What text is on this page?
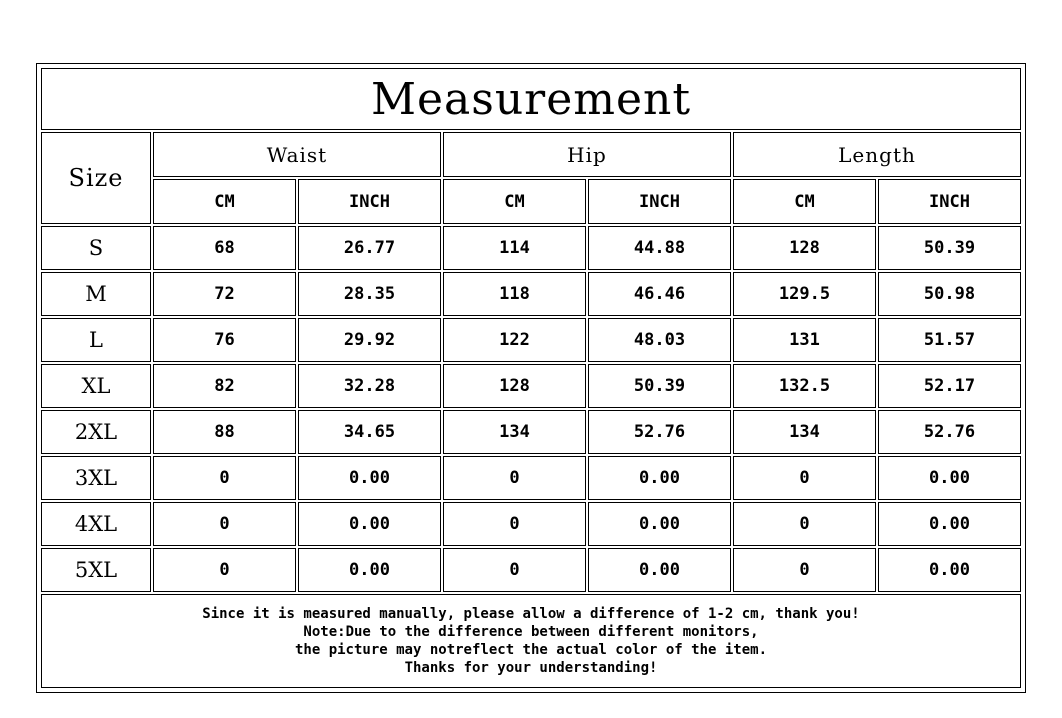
Measurement						
Size	Waist		Hip		Length	
	CM	INCH	CM	INCH	CM	INCH
S	68	26.77	114	44.88	128	50.39
M	72	28.35	118	46.46	129.5	50.98
L	76	29.92	122	48.03	131	51.57
XL	82	32.28	128	50.39	132.5	52.17
2XL	88	34.65	134	52.76	134	52.76
3XL	0	0.00	0	0.00	0	0.00
4XL	0	0.00	0	0.00	0	0.00
5XL	0	0.00	0	0.00	0	0.00

Since it is measured manually, please allow a difference of 1-2 cm, thank you!
Note:Due to the difference between different monitors,
the picture may notreflect the actual color of the item.
Thanks for your understanding!						
